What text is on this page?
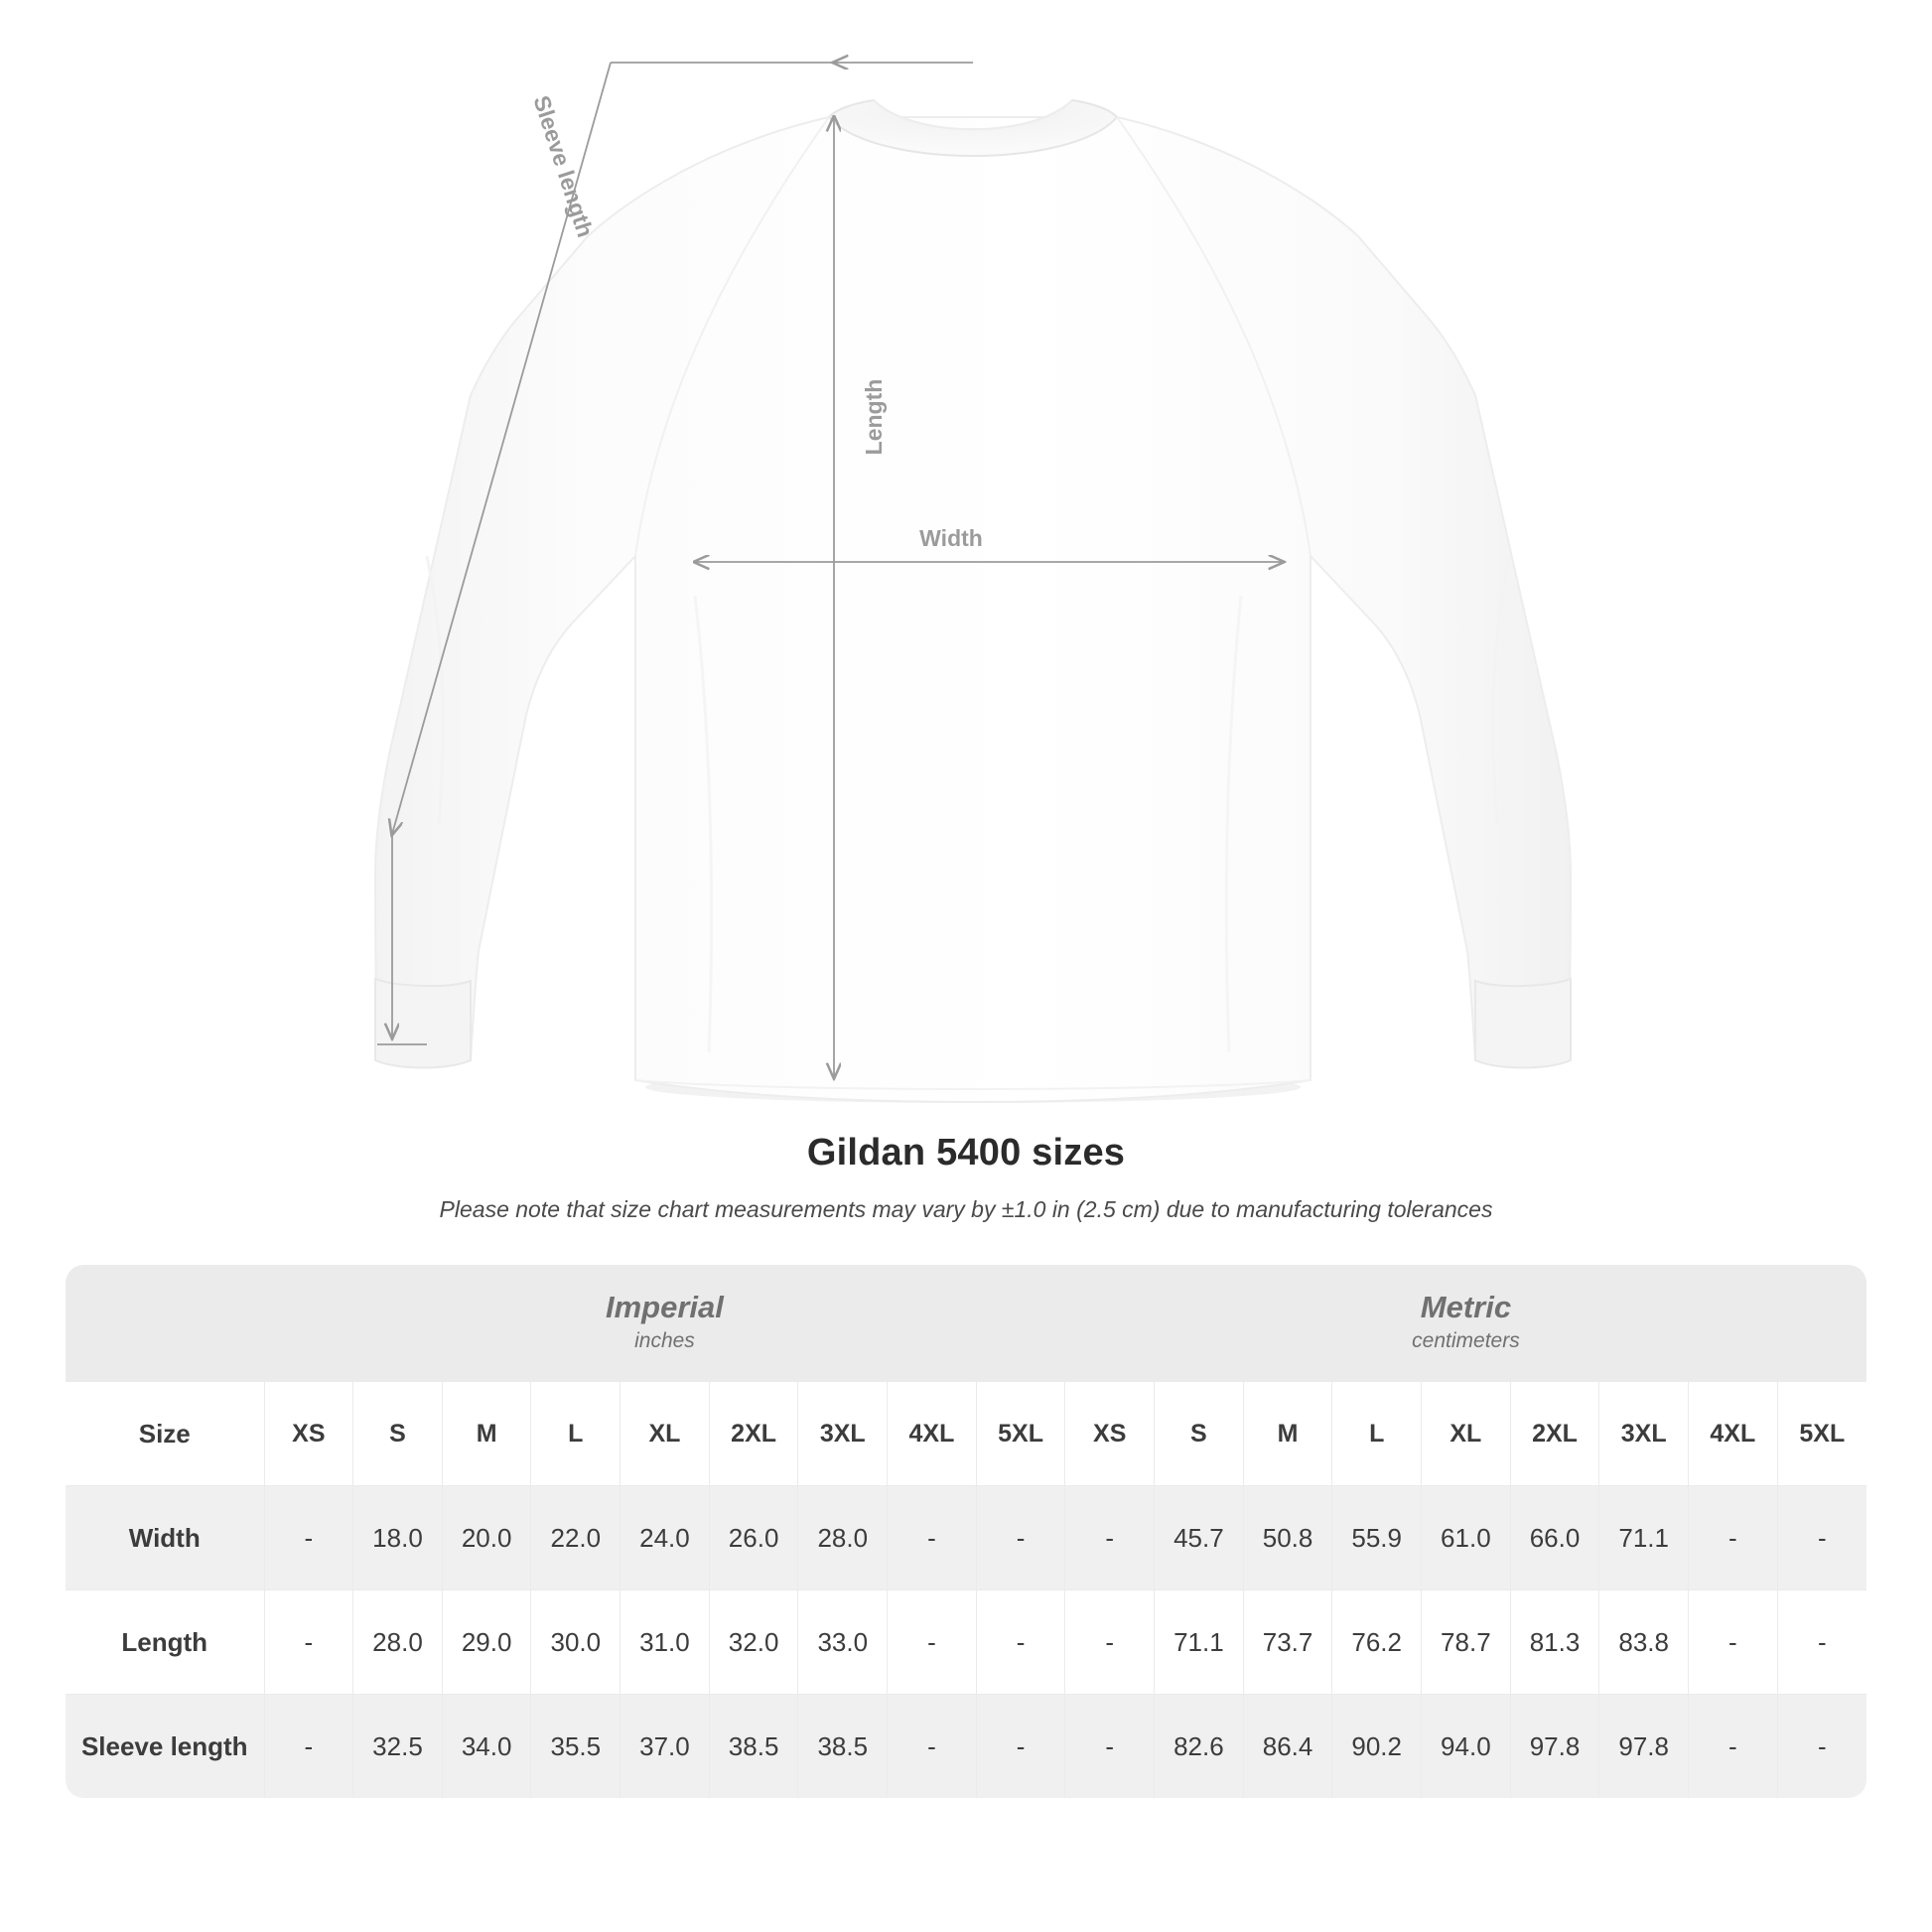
Sleeve length
Length
Width
Gildan 5400 sizes
Please note that size chart measurements may vary by ±1.0 in (2.5 cm) due to manufacturing tolerances

Imperial
inches

Metric
centimeters

Size	XS	S	M	L	XL	2XL	3XL	4XL	5XL	XS	S	M	L	XL	2XL	3XL	4XL	5XL
Width	-	18.0	20.0	22.0	24.0	26.0	28.0	-	-	-	45.7	50.8	55.9	61.0	66.0	71.1	-	-
Length	-	28.0	29.0	30.0	31.0	32.0	33.0	-	-	-	71.1	73.7	76.2	78.7	81.3	83.8	-	-
Sleeve length	-	32.5	34.0	35.5	37.0	38.5	38.5	-	-	-	82.6	86.4	90.2	94.0	97.8	97.8	-	-
